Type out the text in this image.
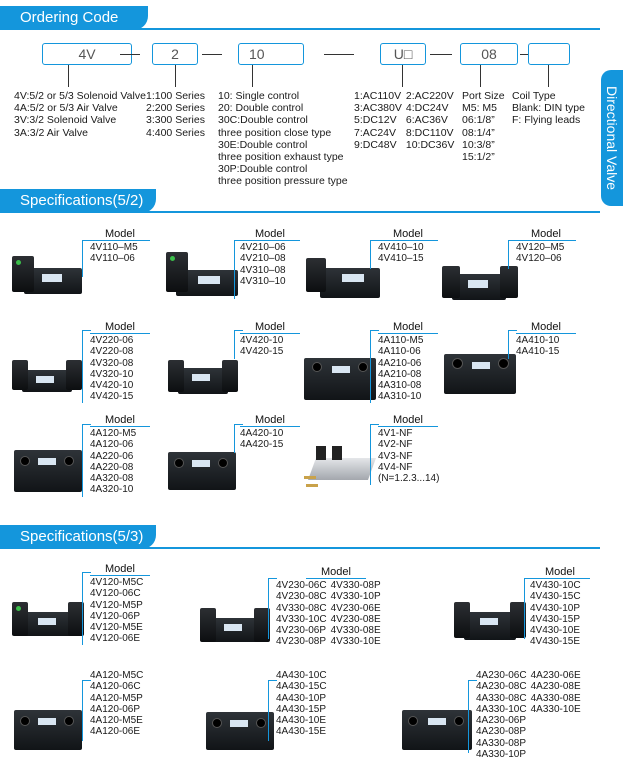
Directional Valve
Ordering Code
4V	2	10	U□	08
4V:5/2 or 5/3 Solenoid Valve
4A:5/2 or 5/3 Air Valve
3V:3/2 Solenoid Valve
3A:3/2 Air Valve
1:100 Series
2:200 Series
3:300 Series
4:400 Series
10: Single control
20: Double control
30C:Double control
three position close type
30E:Double control
three position exhaust type
30P:Double control
three position pressure type
1:AC110V 2:AC220V
3:AC380V 4:DC24V
5:DC12V 6:AC36V
7:AC24V 8:DC110V
9:DC48V 10:DC36V
Port Size
M5: M5
06:1/8”
08:1/4”
10:3/8”
15:1/2”
Coil Type
Blank: DIN type
F: Flying leads
Specifications(5/2)
Model
4V110–M5
4V110–06
Model
4V210–06
4V210–08
4V310–08
4V310–10
Model
4V410–10
4V410–15
Model
4V120–M5
4V120–06
Model
4V220-06
4V220-08
4V320-08
4V320-10
4V420-10
4V420-15
Model
4V420-10
4V420-15
Model
4A110-M5
4A110-06
4A210-06
4A210-08
4A310-08
4A310-10
Model
4A410-10
4A410-15
Model
4A120-M5
4A120-06
4A220-06
4A220-08
4A320-08
4A320-10
Model
4A420-10
4A420-15
Model
4V1-NF
4V2-NF
4V3-NF
4V4-NF
(N=1.2.3...14)
Specifications(5/3)
Model
4V120-M5C
4V120-06C
4V120-M5P
4V120-06P
4V120-M5E
4V120-06E
Model
4V230-06C
4V230-08C
4V330-08C
4V330-10C
4V230-06P
4V230-08P
4V330-08P
4V330-10P
4V230-06E
4V230-08E
4V330-08E
4V330-10E
Model
4V430-10C
4V430-15C
4V430-10P
4V430-15P
4V430-10E
4V430-15E
4A120-M5C
4A120-06C
4A120-M5P
4A120-06P
4A120-M5E
4A120-06E
4A430-10C
4A430-15C
4A430-10P
4A430-15P
4A430-10E
4A430-15E
4A230-06C
4A230-08C
4A330-08C
4A330-10C
4A230-06P
4A230-08P
4A330-08P
4A330-10P
4A230-06E
4A230-08E
4A330-08E
4A330-10E
